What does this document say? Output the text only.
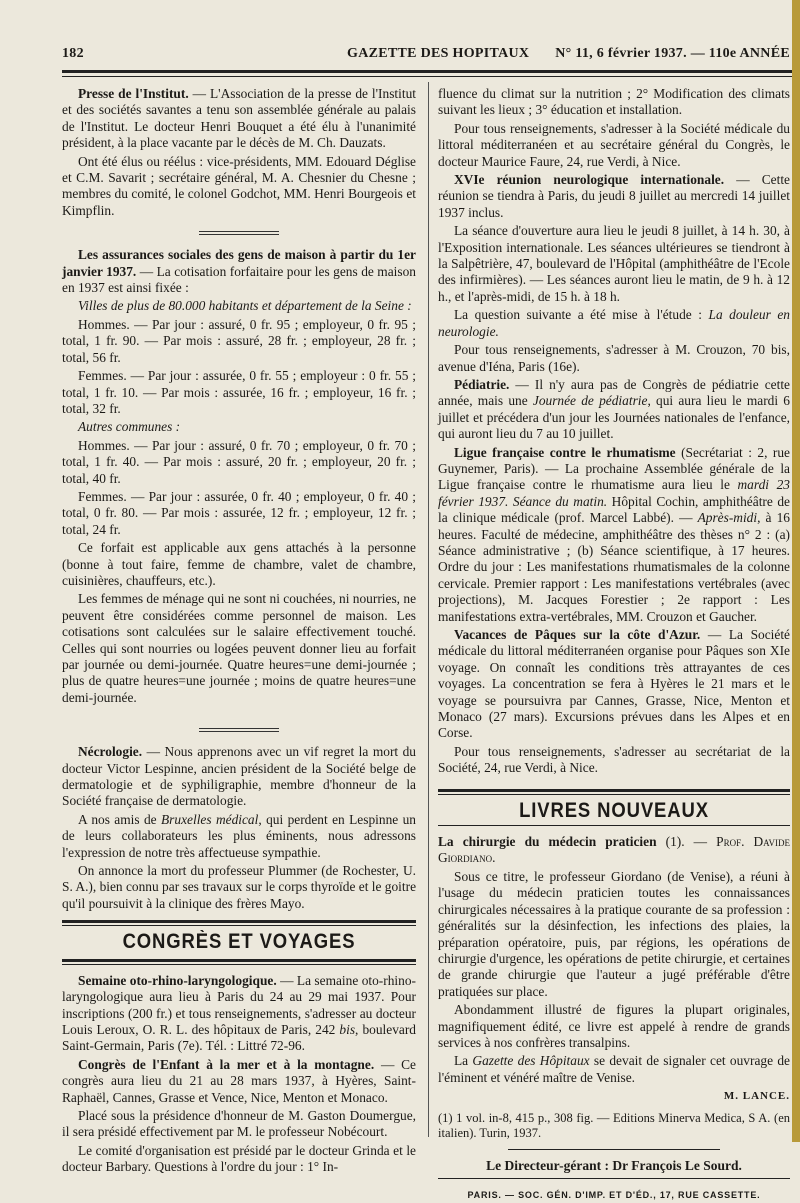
182	GAZETTE DES HOPITAUX N° 11, 6 février 1937. — 110e ANNÉE

Presse de l'Institut. — L'Association de la presse de l'Institut et des sociétés savantes a tenu son assemblée générale au palais de l'Institut. Le docteur Henri Bouquet a été élu à l'unanimité président, à la place vacante par le décès de M. Ch. Dauzats.

Ont été élus ou réélus : vice-présidents, MM. Edouard Déglise et C.M. Savarit ; secrétaire général, M. A. Chesnier du Chesne ; membres du comité, le colonel Godchot, MM. Henri Bourgeois et Kimpflin.

Les assurances sociales des gens de maison à partir du 1er janvier 1937. — La cotisation forfaitaire pour les gens de maison en 1937 est ainsi fixée :

Villes de plus de 80.000 habitants et département de la Seine :

Hommes. — Par jour : assuré, 0 fr. 95 ; employeur, 0 fr. 95 ; total, 1 fr. 90. — Par mois : assuré, 28 fr. ; employeur, 28 fr. ; total, 56 fr.

Femmes. — Par jour : assurée, 0 fr. 55 ; employeur : 0 fr. 55 ; total, 1 fr. 10. — Par mois : assurée, 16 fr. ; employeur, 16 fr. ; total, 32 fr.

Autres communes :

Hommes. — Par jour : assuré, 0 fr. 70 ; employeur, 0 fr. 70 ; total, 1 fr. 40. — Par mois : assuré, 20 fr. ; employeur, 20 fr. ; total, 40 fr.

Femmes. — Par jour : assurée, 0 fr. 40 ; employeur, 0 fr. 40 ; total, 0 fr. 80. — Par mois : assurée, 12 fr. ; employeur, 12 fr. ; total, 24 fr.

Ce forfait est applicable aux gens attachés à la personne (bonne à tout faire, femme de chambre, valet de chambre, cuisinières, chauffeurs, etc.).

Les femmes de ménage qui ne sont ni couchées, ni nourries, ne peuvent être considérées comme personnel de maison. Les cotisations sont calculées sur le salaire effectivement touché. Celles qui sont nourries ou logées peuvent donner lieu au forfait par journée ou demi-journée. Quatre heures=une demi-journée ; plus de quatre heures=une journée ; moins de quatre heures=une demi-journée.

Nécrologie. — Nous apprenons avec un vif regret la mort du docteur Victor Lespinne, ancien président de la Société belge de dermatologie et de syphiligraphie, membre d'honneur de la Société française de dermatologie.

A nos amis de Bruxelles médical, qui perdent en Lespinne un de leurs collaborateurs les plus éminents, nous adressons l'expression de notre très affectueuse sympathie.

On annonce la mort du professeur Plummer (de Rochester, U. S. A.), bien connu par ses travaux sur le corps thyroïde et le goitre qu'il poursuivit à la clinique des frères Mayo.

CONGRÈS ET VOYAGES

Semaine oto-rhino-laryngologique. — La semaine oto-rhino-laryngologique aura lieu à Paris du 24 au 29 mai 1937. Pour inscriptions (200 fr.) et tous renseignements, s'adresser au docteur Louis Leroux, O. R. L. des hôpitaux de Paris, 242 bis, boulevard Saint-Germain, Paris (7e). Tél. : Littré 72-96.

Congrès de l'Enfant à la mer et à la montagne. — Ce congrès aura lieu du 21 au 28 mars 1937, à Hyères, Saint-Raphaël, Cannes, Grasse et Vence, Nice, Menton et Monaco.

Placé sous la présidence d'honneur de M. Gaston Doumergue, il sera présidé effectivement par M. le professeur Nobécourt.

Le comité d'organisation est présidé par le docteur Grinda et le docteur Barbary. Questions à l'ordre du jour : 1° In-

fluence du climat sur la nutrition ; 2° Modification des climats suivant les lieux ; 3° éducation et installation.

Pour tous renseignements, s'adresser à la Société médicale du littoral méditerranéen et au secrétaire général du Congrès, le docteur Maurice Faure, 24, rue Verdi, à Nice.

XVIe réunion neurologique internationale. — Cette réunion se tiendra à Paris, du jeudi 8 juillet au mercredi 14 juillet 1937 inclus.

La séance d'ouverture aura lieu le jeudi 8 juillet, à 14 h. 30, à l'Exposition internationale. Les séances ultérieures se tiendront à la Salpêtrière, 47, boulevard de l'Hôpital (amphithéâtre de l'Ecole des infirmières). — Les séances auront lieu le matin, de 9 h. à 12 h., et l'après-midi, de 15 h. à 18 h.

La question suivante a été mise à l'étude : La douleur en neurologie.

Pour tous renseignements, s'adresser à M. Crouzon, 70 bis, avenue d'Iéna, Paris (16e).

Pédiatrie. — Il n'y aura pas de Congrès de pédiatrie cette année, mais une Journée de pédiatrie, qui aura lieu le mardi 6 juillet et précédera d'un jour les Journées nationales de l'enfance, qui auront lieu du 7 au 10 juillet.

Ligue française contre le rhumatisme (Secrétariat : 2, rue Guynemer, Paris). — La prochaine Assemblée générale de la Ligue française contre le rhumatisme aura lieu le mardi 23 février 1937. Séance du matin. Hôpital Cochin, amphithéâtre de la clinique médicale (prof. Marcel Labbé). — Après-midi, à 16 heures. Faculté de médecine, amphithéâtre des thèses n° 2 : (a) Séance administrative ; (b) Séance scientifique, à 17 heures. Ordre du jour : Les manifestations rhumatismales de la colonne cervicale. Premier rapport : Les manifestations vertébrales (avec projections), M. Jacques Forestier ; 2e rapport : Les manifestations extra-vertébrales, MM. Crouzon et Gaucher.

Vacances de Pâques sur la côte d'Azur. — La Société médicale du littoral méditerranéen organise pour Pâques son XIe voyage. On connaît les conditions très attrayantes de ces voyages. La concentration se fera à Hyères le 21 mars et le voyage se poursuivra par Cannes, Grasse, Nice, Menton et Monaco (27 mars). Excursions prévues dans les Alpes et en Corse.

Pour tous renseignements, s'adresser au secrétariat de la Société, 24, rue Verdi, à Nice.

LIVRES NOUVEAUX

La chirurgie du médecin praticien (1). — Prof. Davide Giordiano.

Sous ce titre, le professeur Giordano (de Venise), a réuni à l'usage du médecin praticien toutes les connaissances chirurgicales nécessaires à la pratique courante de sa profession : généralités sur la désinfection, les infections des plaies, la préparation opératoire, puis, par régions, les opérations de chirurgie d'urgence, les opérations de petite chirurgie, et certaines de grande chirurgie que l'auteur a jugé préférable d'être pratiquées sur place.

Abondamment illustré de figures la plupart originales, magnifiquement édité, ce livre est appelé à rendre de grands services à nos confrères transalpins.

La Gazette des Hôpitaux se devait de signaler cet ouvrage de l'éminent et vénéré maître de Venise.

M. LANCE.

(1) 1 vol. in-8, 415 p., 308 fig. — Editions Minerva Medica, S A. (en italien). Turin, 1937.

Le Directeur-gérant : Dr François Le Sourd.
PARIS. — SOC. GÉN. D'IMP. ET D'ÉD., 17, RUE CASSETTE.
